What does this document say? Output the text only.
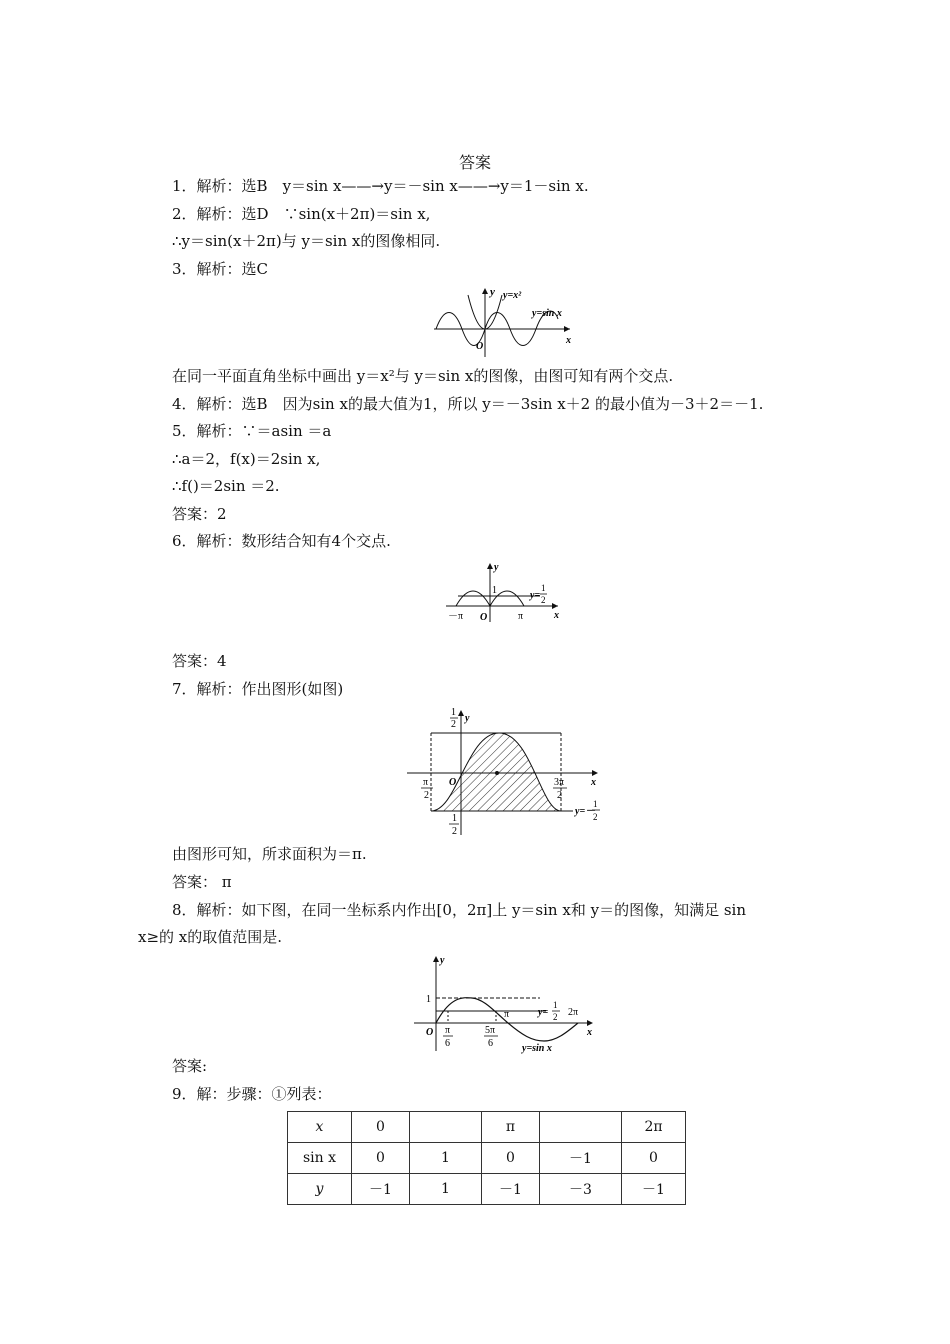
答案
1．解析：选B　y＝sin x——→y＝－sin x——→y＝1－sin x.
2．解析：选D　∵sin(x＋2π)＝sin x,
∴y＝sin(x＋2π)与 y＝sin x的图像相同.
3．解析：选C
y y=x²
y=sin x
x
O
在同一平面直角坐标中画出 y＝x²与 y＝sin x的图像，由图可知有两个交点.
4．解析：选B　因为sin x的最大值为1，所以 y＝－3sin x＋2 的最小值为－3＋2＝－1.
5．解析：∵＝asin ＝a
∴a＝2，f(x)＝2sin x,
∴f()＝2sin ＝2.
答案：2
6．解析：数形结合知有4个交点.
y
1	y=
1
2
－π O	π	x
答案：4
7．解析：作出图形(如图)
1
2
y
O
π
2
3π
2
x
1
2
y=－
1
2
由图形可知，所求面积为＝π.
答案： π
8．解析：如下图，在同一坐标系内作出[0，2π]上 y＝sin x和 y＝的图像，知满足 sin
x≥的 x的取值范围是.
y
1
π	y=
1
2 2π
x
O π
6
5π
6	y=sin x
答案:
9．解：步骤：①列表：
x	0		π		2π
sin x	0	1	0	－1	0
y	－1	1	－1	－3	－1
